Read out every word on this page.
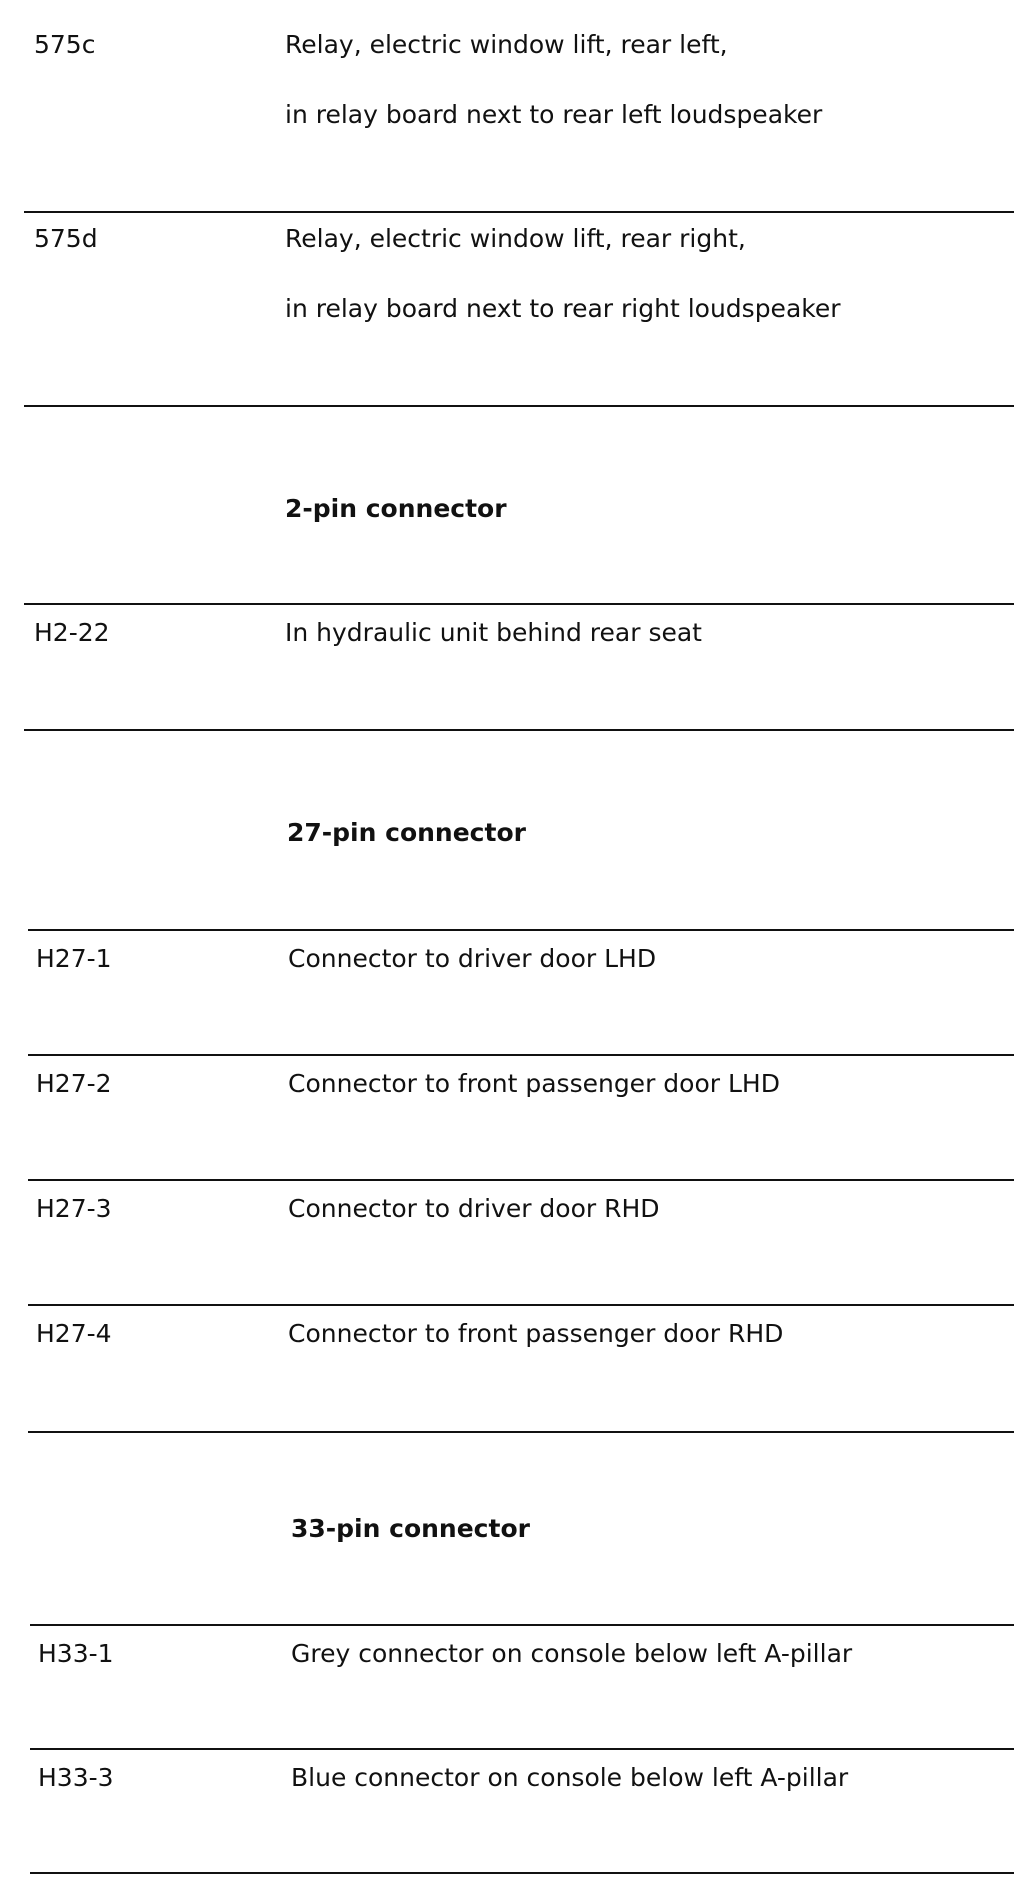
575c	Relay, electric window lift, rear left,
in relay board next to rear left loudspeaker
575d	Relay, electric window lift, rear right,
in relay board next to rear right loudspeaker
2-pin connector
H2-22	In hydraulic unit behind rear seat
27-pin connector
H27-1	Connector to driver door LHD
H27-2	Connector to front passenger door LHD
H27-3	Connector to driver door RHD
H27-4	Connector to front passenger door RHD
33-pin connector
H33-1	Grey connector on console below left A-pillar
H33-3	Blue connector on console below left A-pillar
